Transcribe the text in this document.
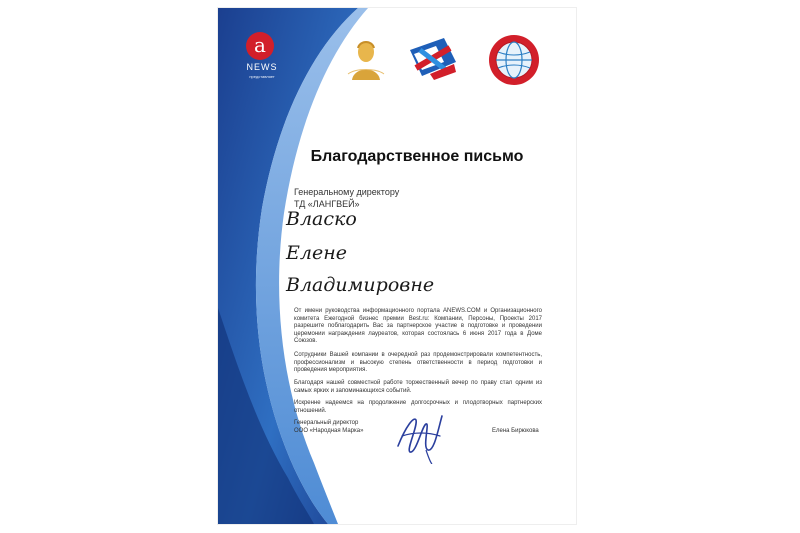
a
NEWS
представляет
Благодарственное письмо
Генеральному директору
ТД «ЛАНГВЕЙ»
Власко
Елене
Владимировне
От имени руководства информационного портала ANEWS.COM и Организационного комитета Ежегодной бизнес премии Best.ru: Компании, Персоны, Проекты 2017 разрешите поблагодарить Вас за партнерское участие в подготовке и проведении церемонии награждения лауреатов, которая состоялась 6 июня 2017 года в Доме Союзов.
Сотрудники Вашей компании в очередной раз продемонстрировали компетентность, профессионализм и высокую степень ответственности в период подготовки и проведения мероприятия.
Благодаря нашей совместной работе торжественный вечер по праву стал одним из самых ярких и запоминающихся событий.
Искренне надеемся на продолжение долгосрочных и плодотворных партнерских отношений.
Генеральный директор
ООО «Народная Марка»	Елена Бирюкова
